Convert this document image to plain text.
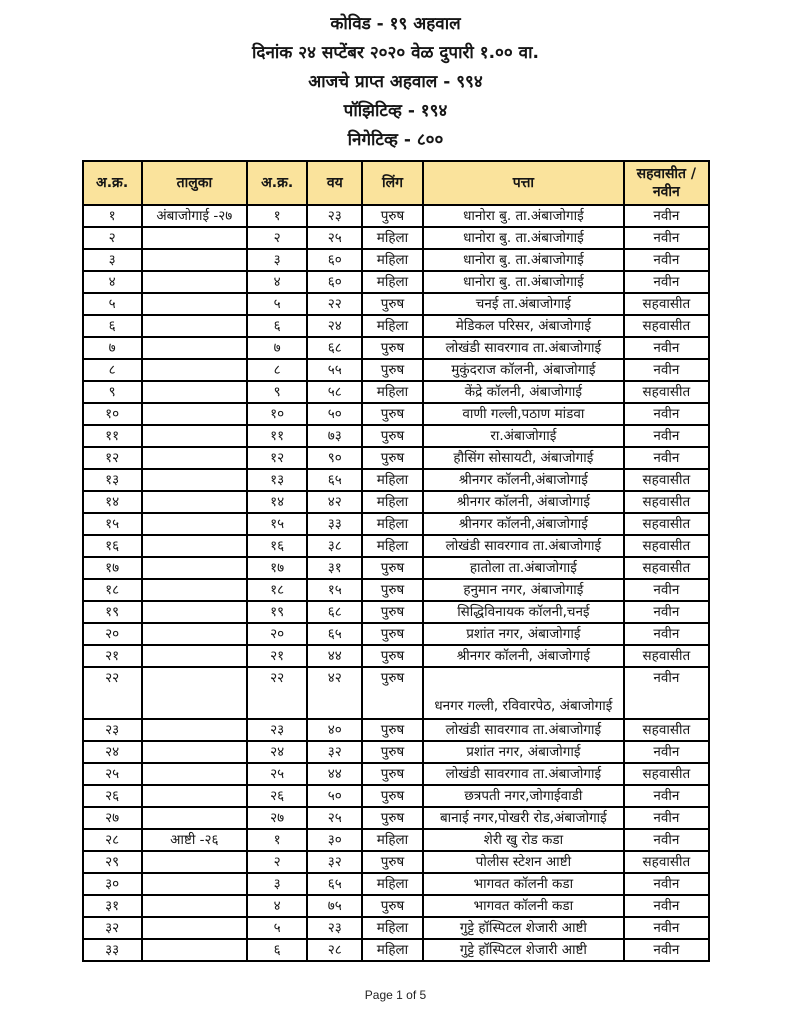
कोविड - १९ अहवाल
दिनांक २४ सप्टेंबर २०२० वेळ दुपारी १.०० वा.
आजचे प्राप्त अहवाल - ९९४
पॉझिटिव्ह - १९४
निगेटिव्ह - ८००
अ.क्र.	तालुका	अ.क्र.	वय	लिंग	पत्ता	सहवासीत / नवीन
१	अंबाजोगाई -२७	१	२३	पुरुष	धानोरा बु. ता.अंबाजोगाई	नवीन
२		२	२५	महिला	धानोरा बु. ता.अंबाजोगाई	नवीन
३		३	६०	महिला	धानोरा बु. ता.अंबाजोगाई	नवीन
४		४	६०	महिला	धानोरा बु. ता.अंबाजोगाई	नवीन
५		५	२२	पुरुष	चनई ता.अंबाजोगाई	सहवासीत
६		६	२४	महिला	मेडिकल परिसर, अंबाजोगाई	सहवासीत
७		७	६८	पुरुष	लोखंडी सावरगाव ता.अंबाजोगाई	नवीन
८		८	५५	पुरुष	मुकुंदराज कॉलनी, अंबाजोगाई	नवीन
९		९	५८	महिला	केंद्रे कॉलनी, अंबाजोगाई	सहवासीत
१०		१०	५०	पुरुष	वाणी गल्ली,पठाण मांडवा	नवीन
११		११	७३	पुरुष	रा.अंबाजोगाई	नवीन
१२		१२	९०	पुरुष	हौसिंग सोसायटी, अंबाजोगाई	नवीन
१३		१३	६५	महिला	श्रीनगर कॉलनी,अंबाजोगाई	सहवासीत
१४		१४	४२	महिला	श्रीनगर कॉलनी, अंबाजोगाई	सहवासीत
१५		१५	३३	महिला	श्रीनगर कॉलनी,अंबाजोगाई	सहवासीत
१६		१६	३८	महिला	लोखंडी सावरगाव ता.अंबाजोगाई	सहवासीत
१७		१७	३१	पुरुष	हातोला ता.अंबाजोगाई	सहवासीत
१८		१८	१५	पुरुष	हनुमान नगर, अंबाजोगाई	नवीन
१९		१९	६८	पुरुष	सिद्धिविनायक कॉलनी,चनई	नवीन
२०		२०	६५	पुरुष	प्रशांत नगर, अंबाजोगाई	नवीन
२१		२१	४४	पुरुष	श्रीनगर कॉलनी, अंबाजोगाई	सहवासीत
२२		२२	४२	पुरुष	धनगर गल्ली, रविवारपेठ, अंबाजोगाई	नवीन
२३		२३	४०	पुरुष	लोखंडी सावरगाव ता.अंबाजोगाई	सहवासीत
२४		२४	३२	पुरुष	प्रशांत नगर, अंबाजोगाई	नवीन
२५		२५	४४	पुरुष	लोखंडी सावरगाव ता.अंबाजोगाई	सहवासीत
२६		२६	५०	पुरुष	छत्रपती नगर,जोगाईवाडी	नवीन
२७		२७	२५	पुरुष	बानाई नगर,पोखरी रोड,अंबाजोगाई	नवीन
२८	आष्टी -२६	१	३०	महिला	शेरी खु रोड कडा	नवीन
२९		२	३२	पुरुष	पोलीस स्टेशन आष्टी	सहवासीत
३०		३	६५	महिला	भागवत कॉलनी कडा	नवीन
३१		४	७५	पुरुष	भागवत कॉलनी कडा	नवीन
३२		५	२३	महिला	गुट्टे हॉस्पिटल शेजारी आष्टी	नवीन
३३		६	२८	महिला	गुट्टे हॉस्पिटल शेजारी आष्टी	नवीन
Page 1 of 5
